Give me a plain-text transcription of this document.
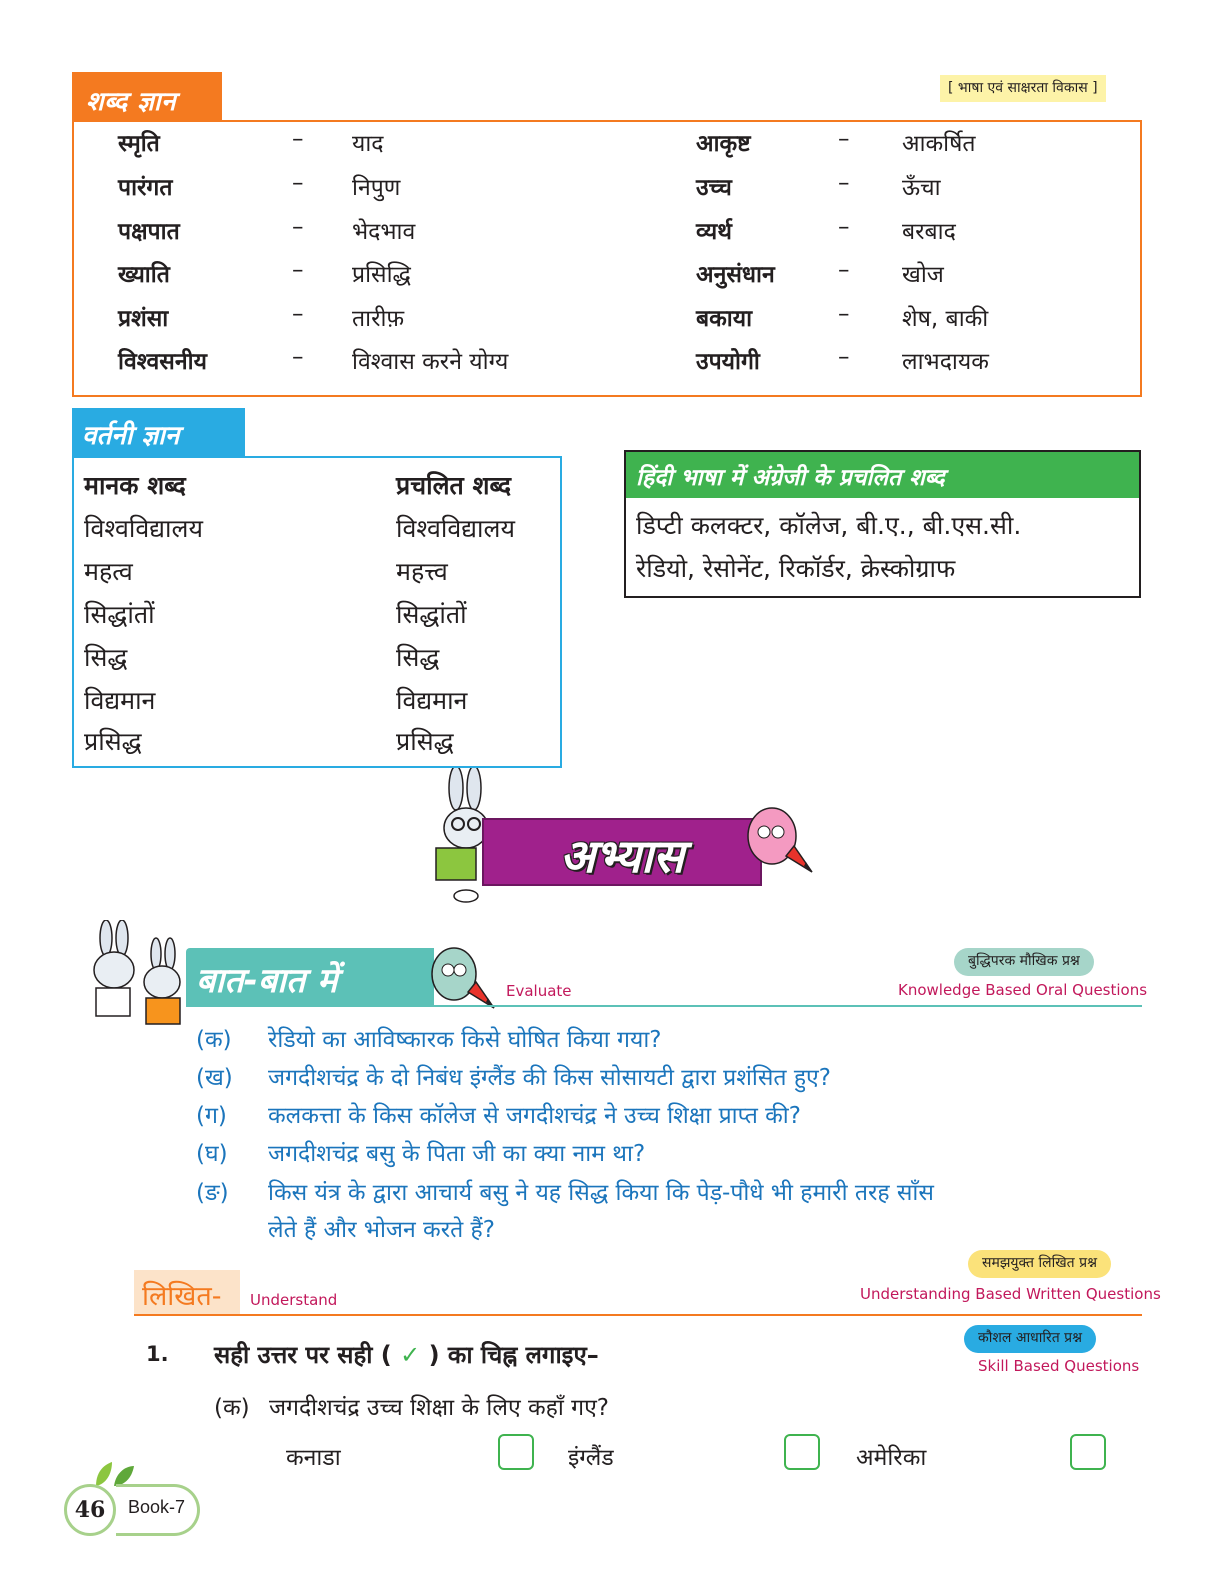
शब्द ज्ञान	[ भाषा एवं साक्षरता विकास ]
स्मृति	– याद	आकृष्ट	– आकर्षित
पारंगत	– निपुण	उच्च	– ऊँचा
पक्षपात	– भेदभाव	व्यर्थ	– बरबाद
ख्याति	– प्रसिद्धि	अनुसंधान	– खोज
प्रशंसा	– तारीफ़	बकाया	– शेष, बाकी
विश्वसनीय	– विश्वास करने योग्य	उपयोगी	– लाभदायक
वर्तनी ज्ञान
मानक शब्द	प्रचलित शब्द
विश्वविद्यालय	विश्वविद्यालय
महत्व	महत्त्व
सिद्धांतों	सिद्धांतों
सिद्ध	सिद्ध
विद्यमान	विद्यमान
प्रसिद्ध	प्रसिद्ध
हिंदी भाषा में अंग्रेजी के प्रचलित शब्द
डिप्टी कलक्टर, कॉलेज, बी.ए., बी.एस.सी.
रेडियो, रेसोनेंट, रिकॉर्डर, क्रेस्कोग्राफ
अभ्यास
बात-बात में	Evaluate
बुद्धिपरक मौखिक प्रश्न
Knowledge Based Oral Questions
(क) रेडियो का आविष्कारक किसे घोषित किया गया?
(ख) जगदीशचंद्र के दो निबंध इंग्लैंड की किस सोसायटी द्वारा प्रशंसित हुए?
(ग) कलकत्ता के किस कॉलेज से जगदीशचंद्र ने उच्च शिक्षा प्राप्त की?
(घ) जगदीशचंद्र बसु के पिता जी का क्या नाम था?
(ङ) किस यंत्र के द्वारा आचार्य बसु ने यह सिद्ध किया कि पेड़-पौधे भी हमारी तरह साँस
लेते हैं और भोजन करते हैं?
समझयुक्त लिखित प्रश्न
Understanding Based Written Questions
लिखित-	Understand
कौशल आधारित प्रश्न
Skill Based Questions
1. सही उत्तर पर सही ( ✓ ) का चिह्न लगाइए–
(क) जगदीशचंद्र उच्च शिक्षा के लिए कहाँ गए?
कनाडा	इंग्लैंड	अमेरिका
46	Book-7
